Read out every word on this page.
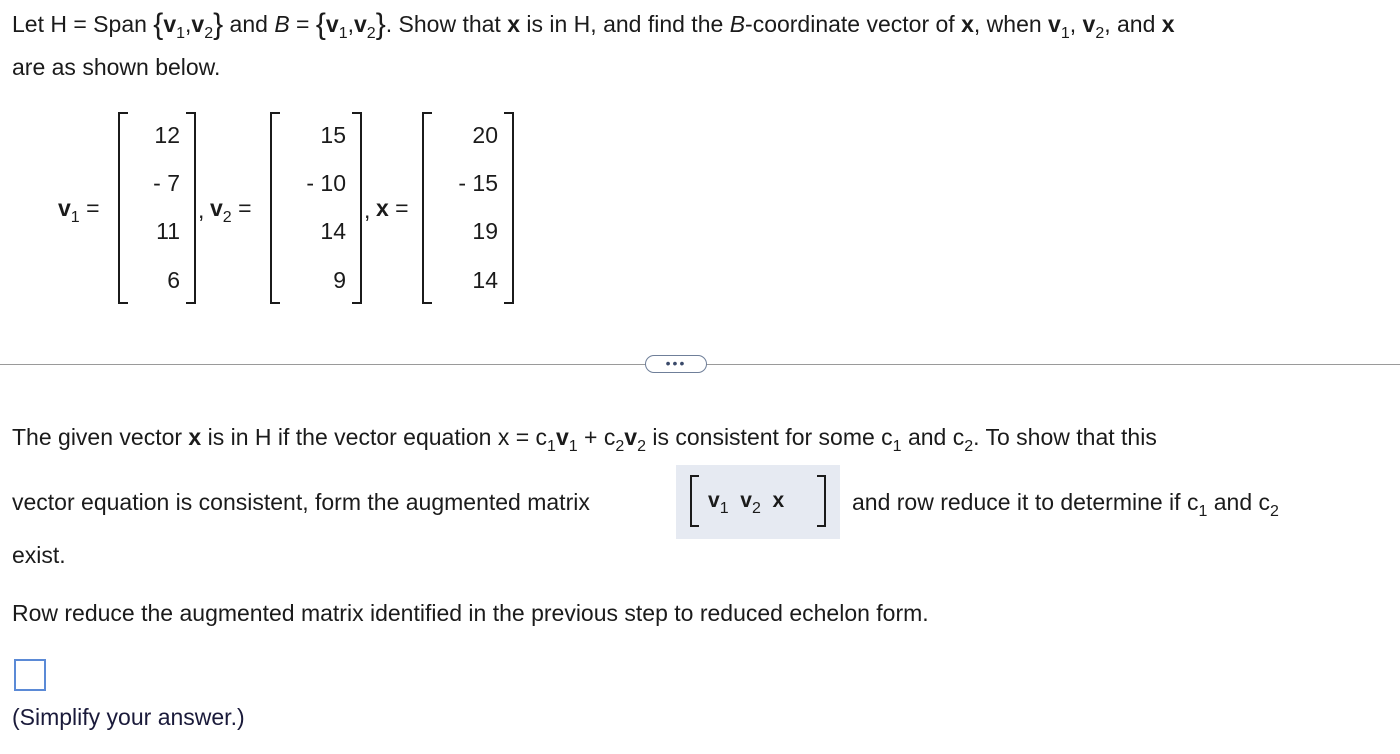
Let H = Span $\{v_1,v_2\}$ and $B = \{v_1,v_2\}$. Show that x is in H, and find the B-coordinate vector of x, when $v_1$, $v_2$, and x
are as shown below.
$v_1$ =
12
- 7
11
6
, $v_2$ =
15
- 10
14
9
, x =
20
- 15
19
14
•••
The given vector x is in H if the vector equation $x = c_1v_1 + c_2v_2$ is consistent for some $c_1$ and $c_2$. To show that this
vector equation is consistent, form the augmented matrix	$v_1$ $v_2$ x	and row reduce it to determine if $c_1$ and $c_2$
exist.
Row reduce the augmented matrix identified in the previous step to reduced echelon form.
(Simplify your answer.)
